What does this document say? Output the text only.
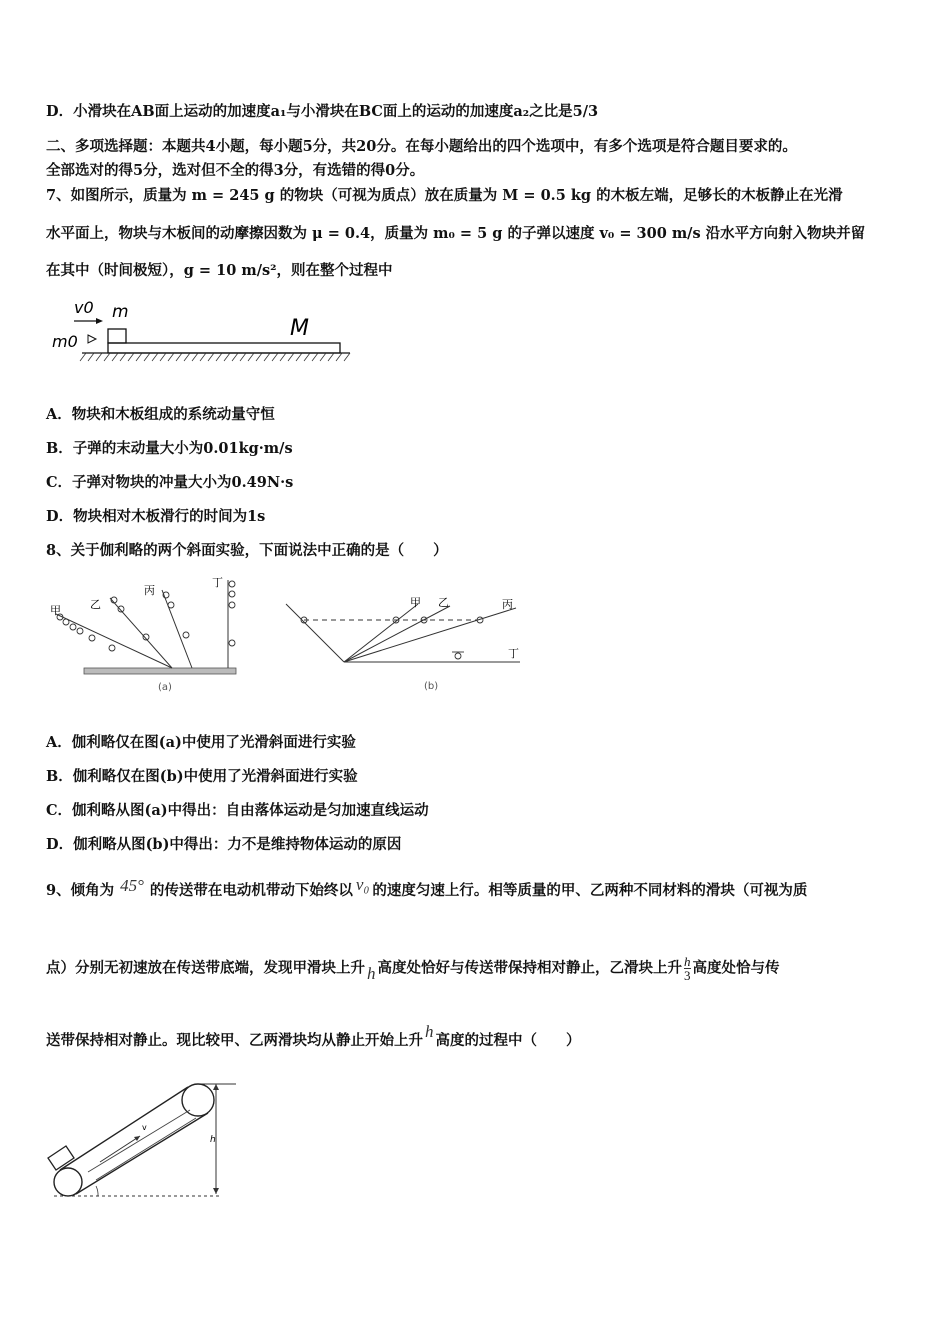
D．小滑块在AB面上运动的加速度a₁与小滑块在BC面上的运动的加速度a₂之比是5/3
二、多项选择题：本题共4小题，每小题5分，共20分。在每小题给出的四个选项中，有多个选项是符合题目要求的。
全部选对的得5分，选对但不全的得3分，有选错的得0分。
7、如图所示，质量为 m = 245 g 的物块（可视为质点）放在质量为 M = 0.5 kg 的木板左端，足够长的木板静止在光滑
水平面上，物块与木板间的动摩擦因数为 μ = 0.4，质量为 m₀ = 5 g 的子弹以速度 v₀ = 300 m/s 沿水平方向射入物块并留
在其中（时间极短），g = 10 m/s²，则在整个过程中
v0 m
m0
M
A．物块和木板组成的系统动量守恒
B．子弹的末动量大小为0.01kg·m/s
C．子弹对物块的冲量大小为0.49N·s
D．物块相对木板滑行的时间为1s
8、关于伽利略的两个斜面实验，下面说法中正确的是（　　）
甲	乙
丙
丁
(a)
甲 乙	丙
丁
(b)
A．伽利略仅在图(a)中使用了光滑斜面进行实验
B．伽利略仅在图(b)中使用了光滑斜面进行实验
C．伽利略从图(a)中得出：自由落体运动是匀加速直线运动
D．伽利略从图(b)中得出：力不是维持物体运动的原因
9、倾角为 45° 的传送带在电动机带动下始终以 v₀ 的速度匀速上行。相等质量的甲、乙两种不同材料的滑块（可视为质
点）分别无初速放在传送带底端，发现甲滑块上升 h 高度处恰好与传送带保持相对静止，乙滑块上升 $\frac{h}{3}$ 高度处恰与传
送带保持相对静止。现比较甲、乙两滑块均从静止开始上升 h 高度的过程中（　　）
v
h
